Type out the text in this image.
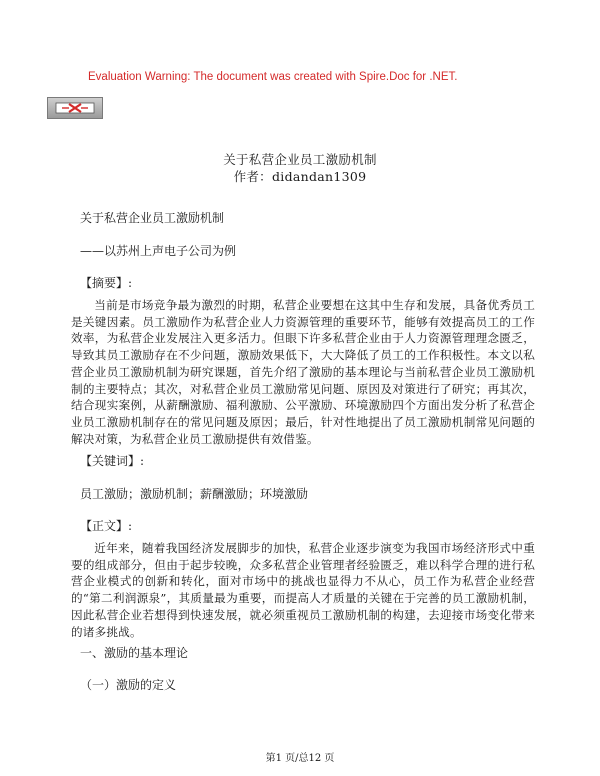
Evaluation Warning: The document was created with Spire.Doc for .NET.
关于私营企业员工激励机制
作者：didandan1309
关于私营企业员工激励机制
——以苏州上声电子公司为例
【摘要】:
当前是市场竞争最为激烈的时期，私营企业要想在这其中生存和发展，具备优秀员工是关键因素。员工激励作为私营企业人力资源管理的重要环节，能够有效提高员工的工作效率，为私营企业发展注入更多活力。但眼下许多私营企业由于人力资源管理理念匮乏，导致其员工激励存在不少问题，激励效果低下，大大降低了员工的工作积极性。本文以私营企业员工激励机制为研究课题，首先介绍了激励的基本理论与当前私营企业员工激励机制的主要特点；其次，对私营企业员工激励常见问题、原因及对策进行了研究；再其次，结合现实案例，从薪酬激励、福利激励、公平激励、环境激励四个方面出发分析了私营企业员工激励机制存在的常见问题及原因；最后，针对性地提出了员工激励机制常见问题的解决对策，为私营企业员工激励提供有效借鉴。
【关键词】:
员工激励；激励机制；薪酬激励；环境激励
【正文】:
近年来，随着我国经济发展脚步的加快，私营企业逐步演变为我国市场经济形式中重要的组成部分，但由于起步较晚，众多私营企业管理者经验匮乏，难以科学合理的进行私营企业模式的创新和转化，面对市场中的挑战也显得力不从心，员工作为私营企业经营的“第二利润源泉”，其质量最为重要，而提高人才质量的关键在于完善的员工激励机制，因此私营企业若想得到快速发展，就必须重视员工激励机制的构建，去迎接市场变化带来的诸多挑战。
一、激励的基本理论
（一）激励的定义
第1 页/总12 页
